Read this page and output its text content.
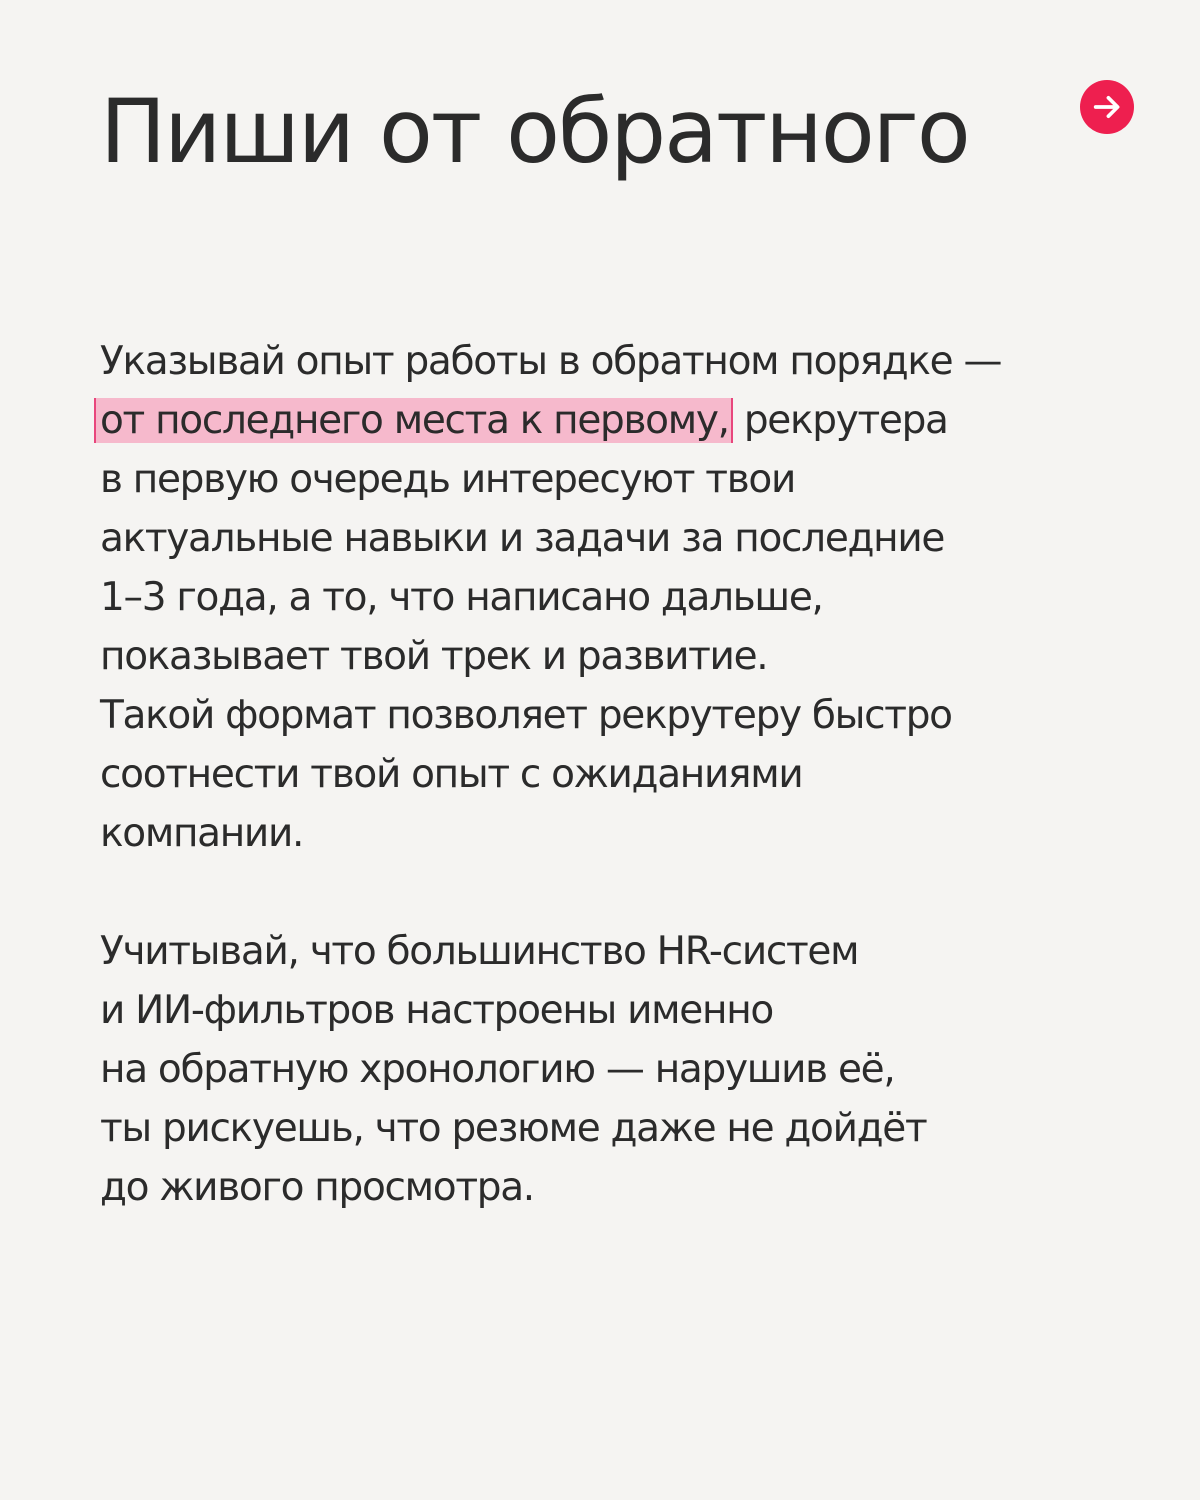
Пиши от обратного

Указывай опыт работы в обратном порядке —
от последнего места к первому, рекрутера
в первую очередь интересуют твои
актуальные навыки и задачи за последние
1–3 года, а то, что написано дальше,
показывает твой трек и развитие.
Такой формат позволяет рекрутеру быстро
соотнести твой опыт с ожиданиями
компании.

Учитывай, что большинство HR-систем
и ИИ-фильтров настроены именно
на обратную хронологию — нарушив её,
ты рискуешь, что резюме даже не дойдёт
до живого просмотра.
